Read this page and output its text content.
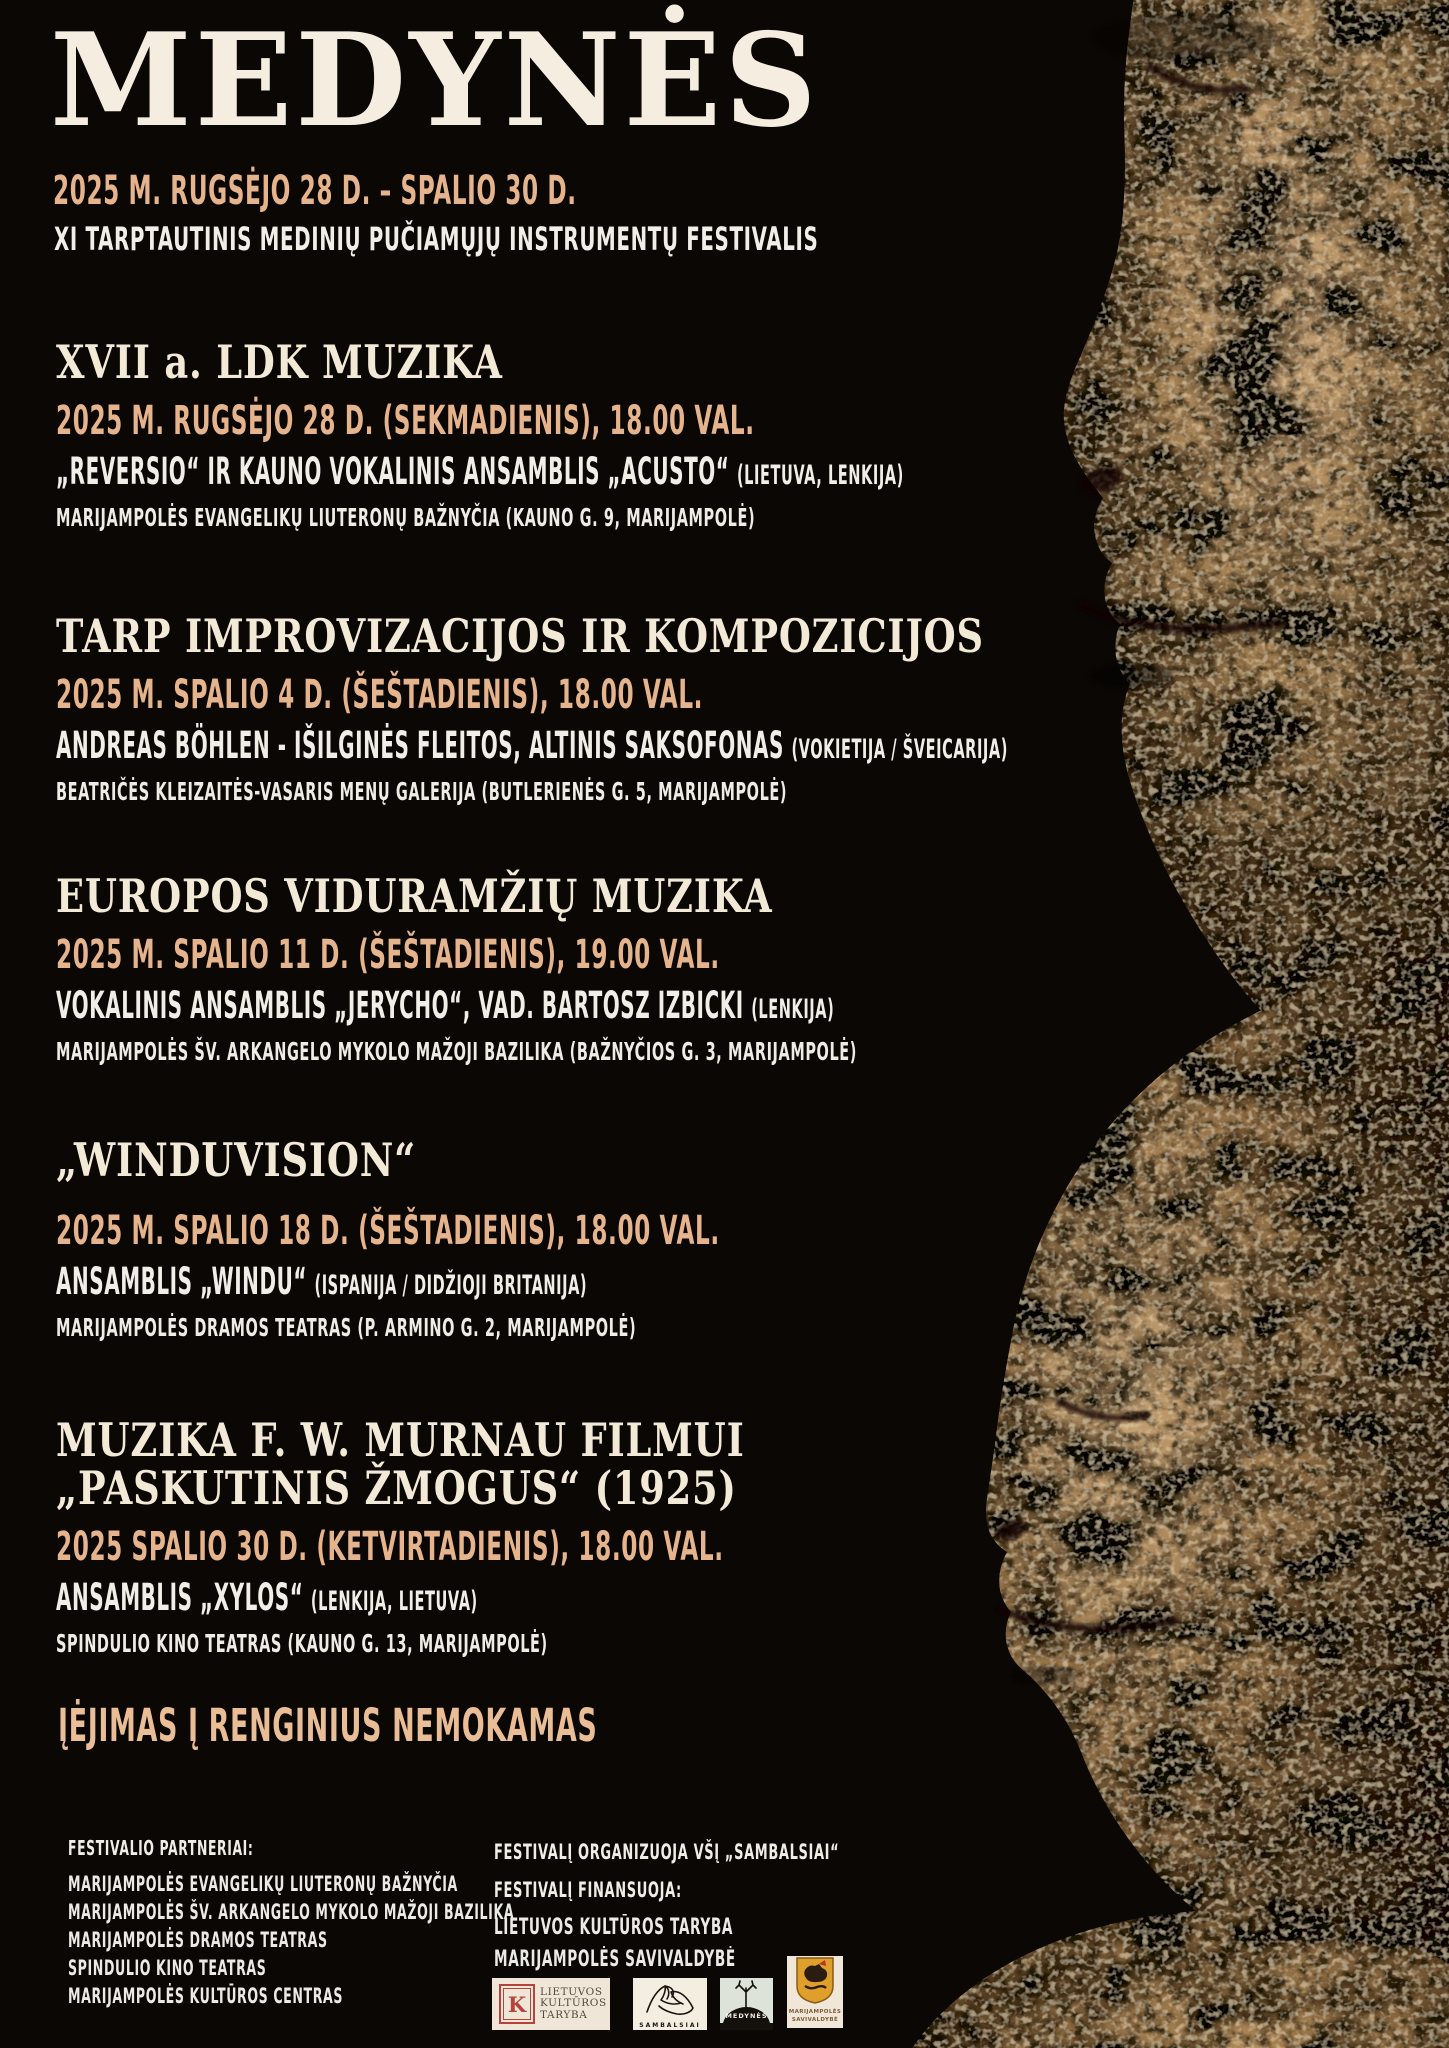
MEDYNĖS
2025 M. RUGSĖJO 28 D. – SPALIO 30 D.
XI TARPTAUTINIS MEDINIŲ PUČIAMŲJŲ INSTRUMENTŲ FESTIVALIS
XVII a. LDK MUZIKA 2025 M. RUGSĖJO 28 D. (SEKMADIENIS), 18.00 VAL. „REVERSIO“ IR KAUNO VOKALINIS ANSAMBLIS „ACUSTO“ (LIETUVA, LENKIJA) MARIJAMPOLĖS EVANGELIKŲ LIUTERONŲ BAŽNYČIA (KAUNO G. 9, MARIJAMPOLĖ)
TARP IMPROVIZACIJOS IR KOMPOZICIJOS 2025 M. SPALIO 4 D. (ŠEŠTADIENIS), 18.00 VAL. ANDREAS BÖHLEN - IŠILGINĖS FLEITOS, ALTINIS SAKSOFONAS (VOKIETIJA / ŠVEICARIJA) BEATRIČĖS KLEIZAITĖS-VASARIS MENŲ GALERIJA (BUTLERIENĖS G. 5, MARIJAMPOLĖ)
EUROPOS VIDURAMŽIŲ MUZIKA 2025 M. SPALIO 11 D. (ŠEŠTADIENIS), 19.00 VAL. VOKALINIS ANSAMBLIS „JERYCHO“, VAD. BARTOSZ IZBICKI (LENKIJA) MARIJAMPOLĖS ŠV. ARKANGELO MYKOLO MAŽOJI BAZILIKA (BAŽNYČIOS G. 3, MARIJAMPOLĖ)
„WINDUVISION“ 2025 M. SPALIO 18 D. (ŠEŠTADIENIS), 18.00 VAL. ANSAMBLIS „WINDU“ (ISPANIJA / DIDŽIOJI BRITANIJA) MARIJAMPOLĖS DRAMOS TEATRAS (P. ARMINO G. 2, MARIJAMPOLĖ)
MUZIKA F. W. MURNAU FILMUI „PASKUTINIS ŽMOGUS“ (1925) 2025 SPALIO 30 D. (KETVIRTADIENIS), 18.00 VAL. ANSAMBLIS „XYLOS“ (LENKIJA, LIETUVA) SPINDULIO KINO TEATRAS (KAUNO G. 13, MARIJAMPOLĖ)
ĮĖJIMAS Į RENGINIUS NEMOKAMAS
FESTIVALIO PARTNERIAI:
MARIJAMPOLĖS EVANGELIKŲ LIUTERONŲ BAŽNYČIA
MARIJAMPOLĖS ŠV. ARKANGELO MYKOLO MAŽOJI BAZILIKA
MARIJAMPOLĖS DRAMOS TEATRAS
SPINDULIO KINO TEATRAS
MARIJAMPOLĖS KULTŪROS CENTRAS
FESTIVALĮ ORGANIZUOJA VŠĮ „SAMBALSIAI“
FESTIVALĮ FINANSUOJA:
LIETUVOS KULTŪROS TARYBA
MARIJAMPOLĖS SAVIVALDYBĖ
K LIETUVOS
KULTŪROS
TARYBA
SAMBALSIAI
MEDYNĖS	MARIJAMPOLĖS
SAVIVALDYBĖ
